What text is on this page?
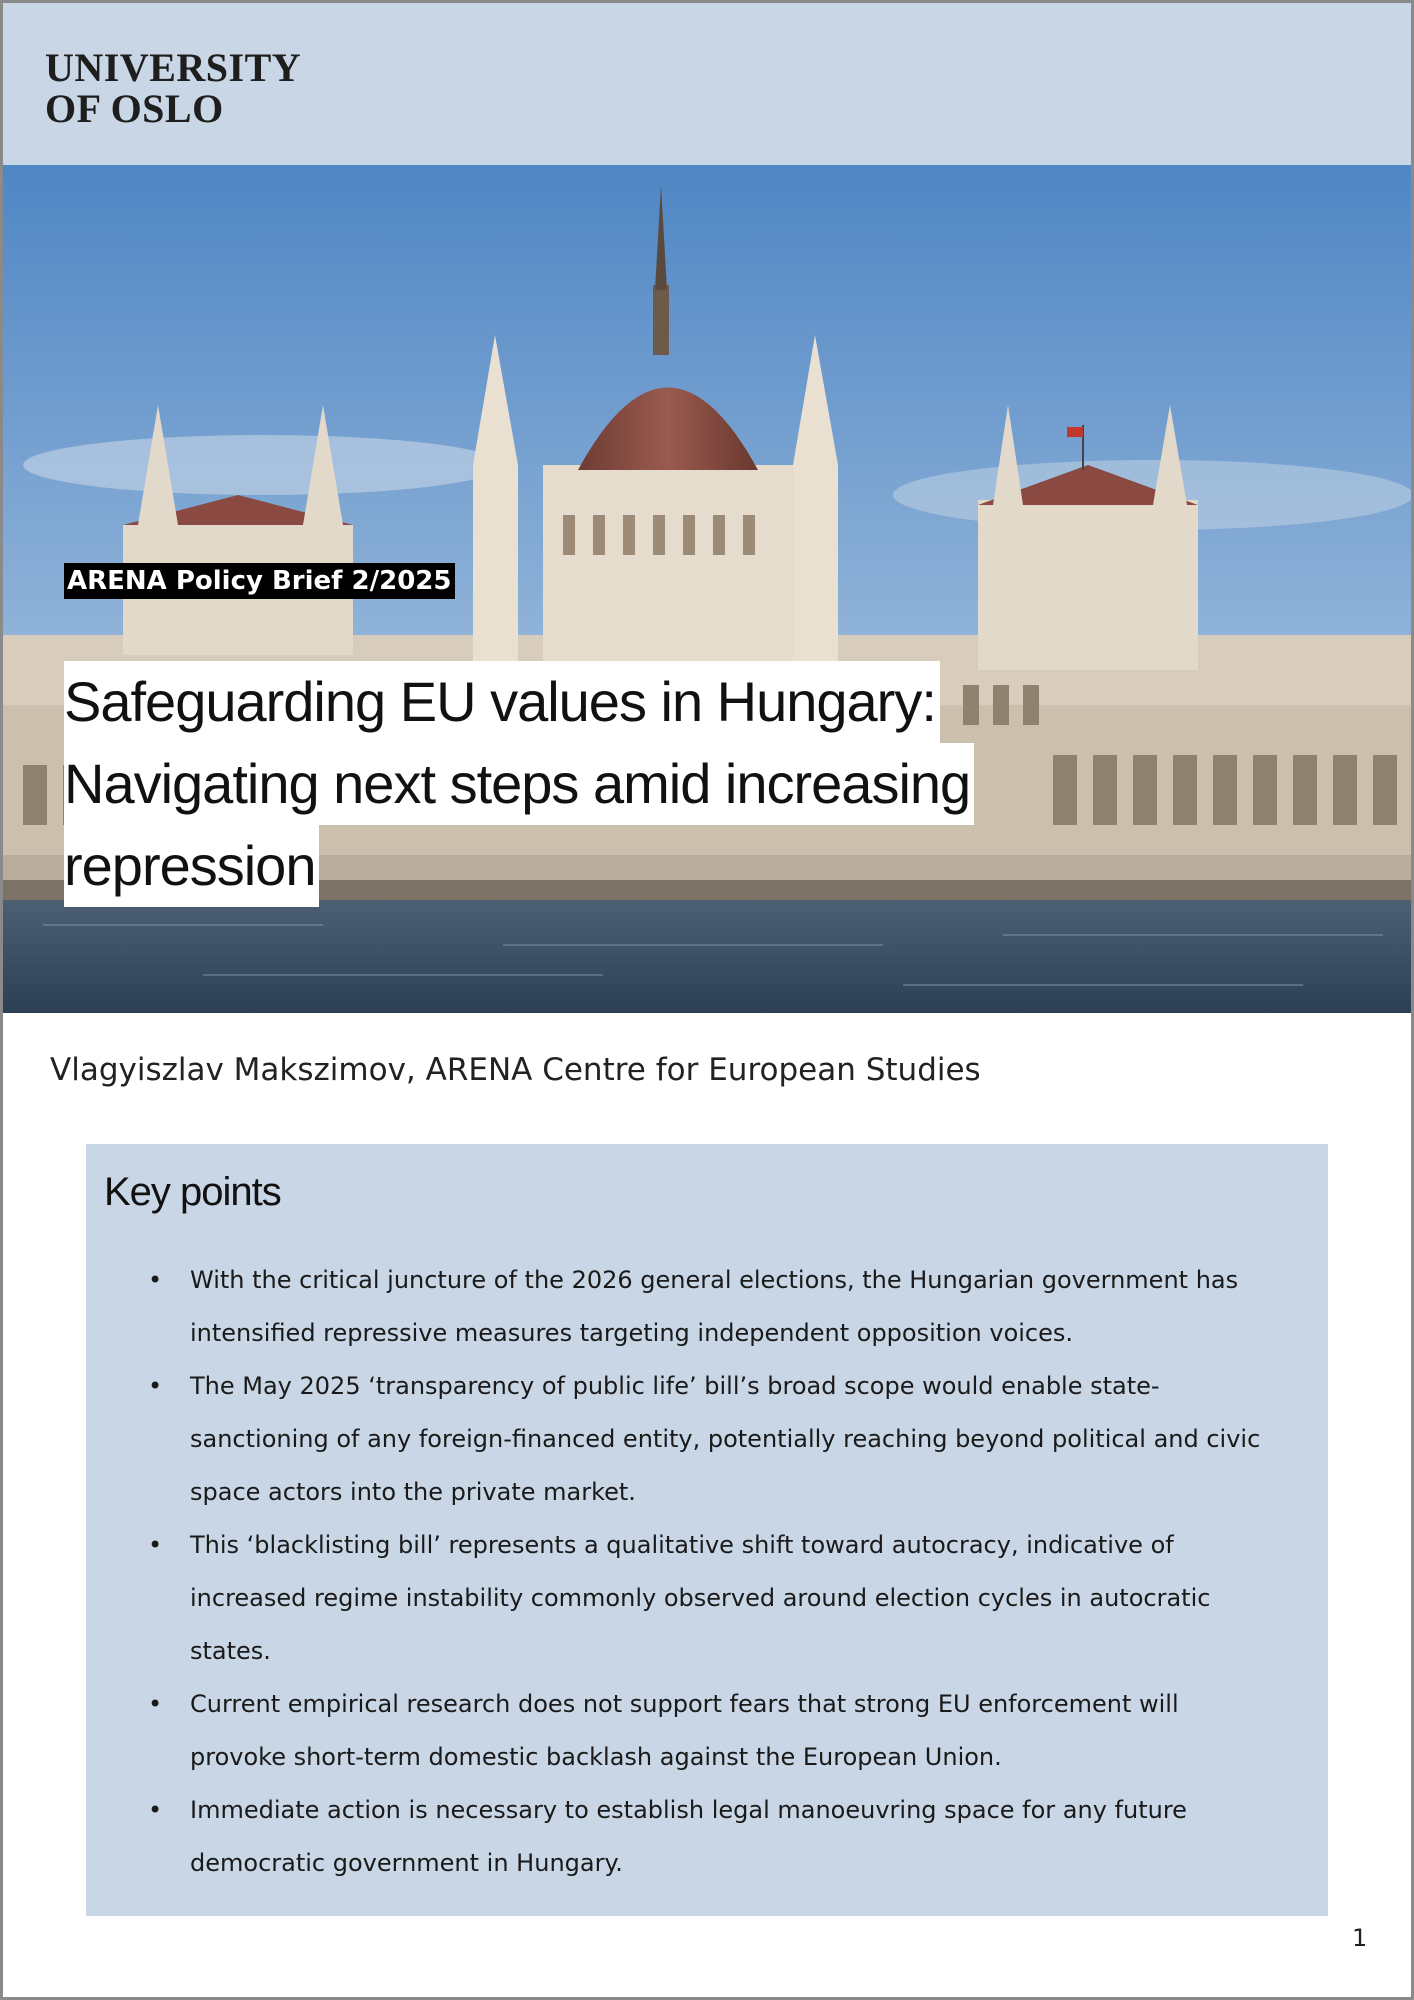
UNIVERSITY
OF OSLO
ARENA Policy Brief 2/2025
Safeguarding EU values in Hungary:
Navigating next steps amid increasing
repression
Vlagyiszlav Makszimov, ARENA Centre for European Studies
Key points
• With the critical juncture of the 2026 general elections, the Hungarian government has
intensified repressive measures targeting independent opposition voices.
• The May 2025 ‘transparency of public life’ bill’s broad scope would enable state-
sanctioning of any foreign-financed entity, potentially reaching beyond political and civic
space actors into the private market.
• This ‘blacklisting bill’ represents a qualitative shift toward autocracy, indicative of
increased regime instability commonly observed around election cycles in autocratic
states.
• Current empirical research does not support fears that strong EU enforcement will
provoke short-term domestic backlash against the European Union.
• Immediate action is necessary to establish legal manoeuvring space for any future
democratic government in Hungary.
1
